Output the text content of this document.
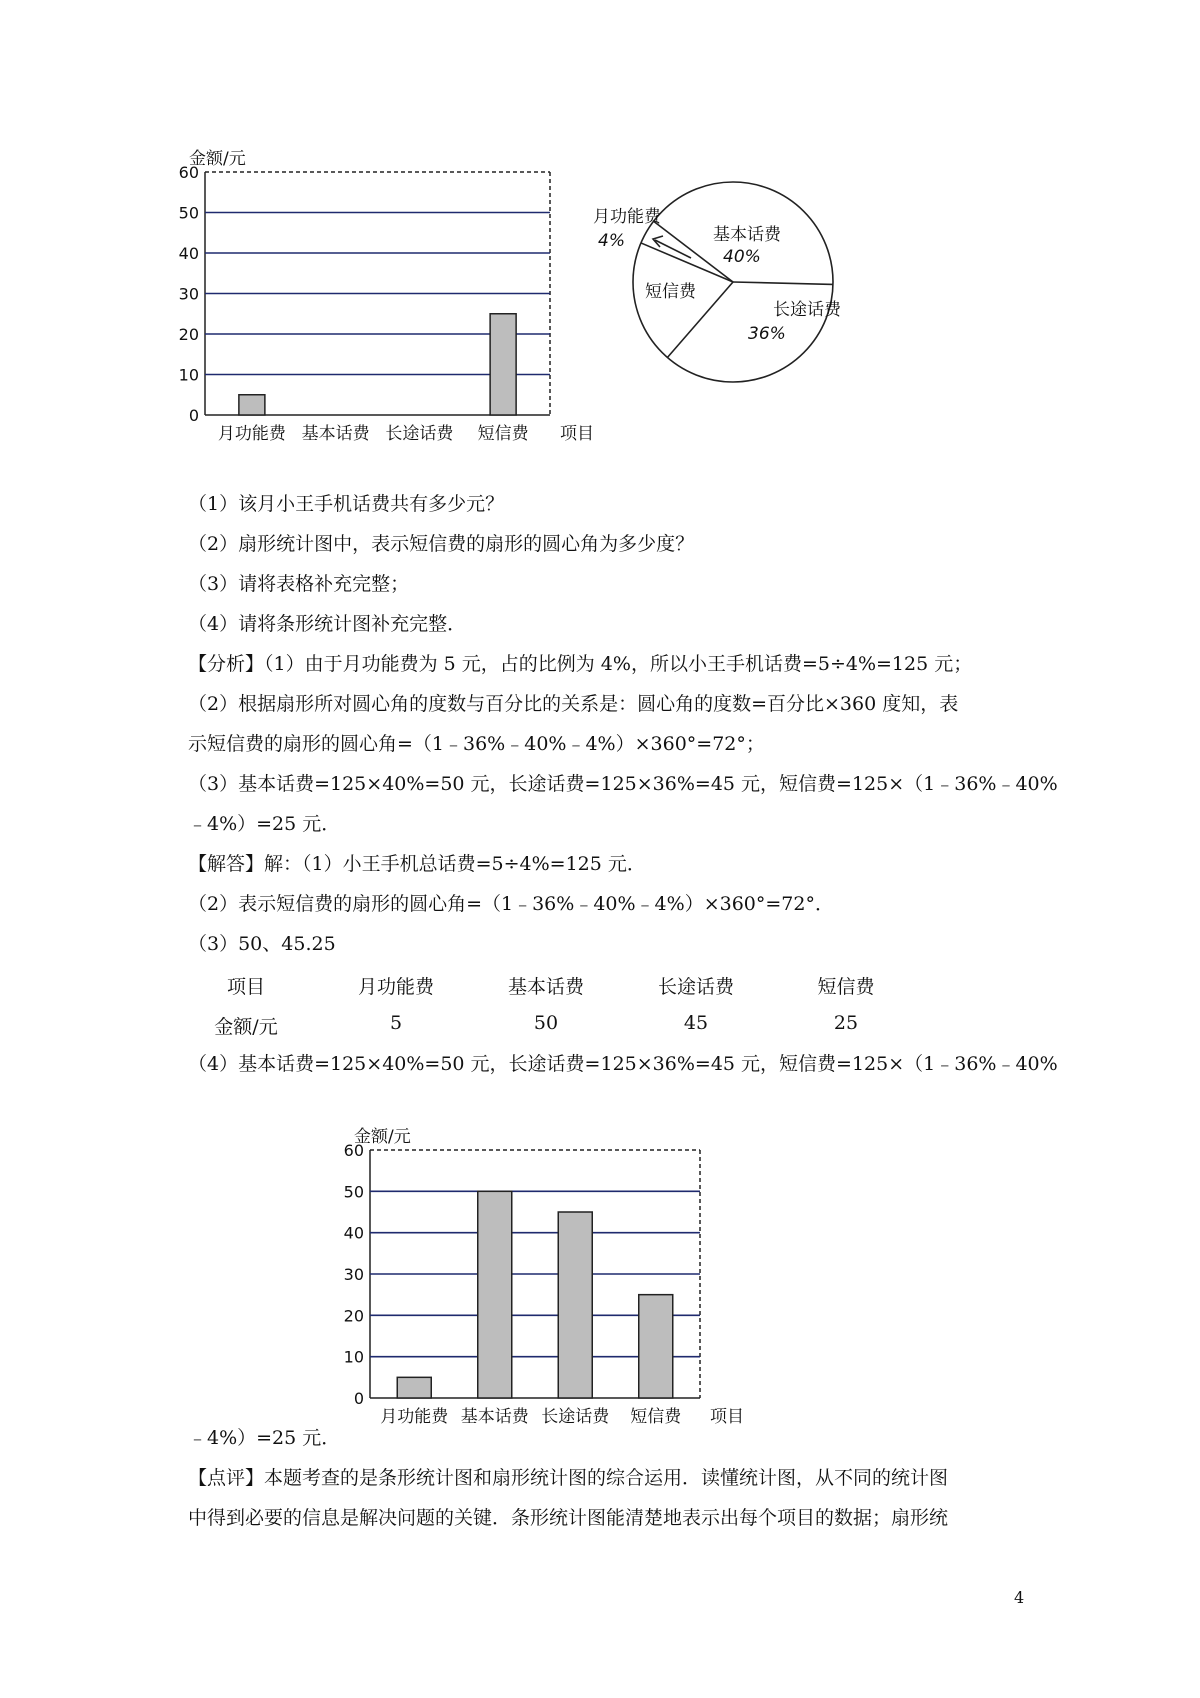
0
10
20
30
40
50
60
金额/元
月功能费 基本话费 长途话费 短信费 项目
月功能费
4%	基本话费
40%
长途话费
36%
短信费
（1）该月小王手机话费共有多少元？
（2）扇形统计图中，表示短信费的扇形的圆心角为多少度？
（3）请将表格补充完整；
（4）请将条形统计图补充完整．
【分析】（1）由于月功能费为 5 元，占的比例为 4%，所以小王手机话费=5÷4%=125 元；
（2）根据扇形所对圆心角的度数与百分比的关系是：圆心角的度数=百分比×360 度知，表
示短信费的扇形的圆心角=（1﹣36%﹣40%﹣4%）×360°=72°；
（3）基本话费=125×40%=50 元，长途话费=125×36%=45 元，短信费=125×（1﹣36%﹣40%
﹣4%）=25 元．
【解答】解：（1）小王手机总话费=5÷4%=125 元．
（2）表示短信费的扇形的圆心角=（1﹣36%﹣40%﹣4%）×360°=72°．
（3）50、45.25
项目	月功能费	基本话费	长途话费	短信费
金额/元	5	50	45	25
（4）基本话费=125×40%=50 元，长途话费=125×36%=45 元，短信费=125×（1﹣36%﹣40%
0
10
20
30
40
50
60
金额/元
月功能费 基本话费 长途话费 短信费 项目
﹣4%）=25 元．
【点评】本题考查的是条形统计图和扇形统计图的综合运用．读懂统计图，从不同的统计图
中得到必要的信息是解决问题的关键．条形统计图能清楚地表示出每个项目的数据；扇形统
4
